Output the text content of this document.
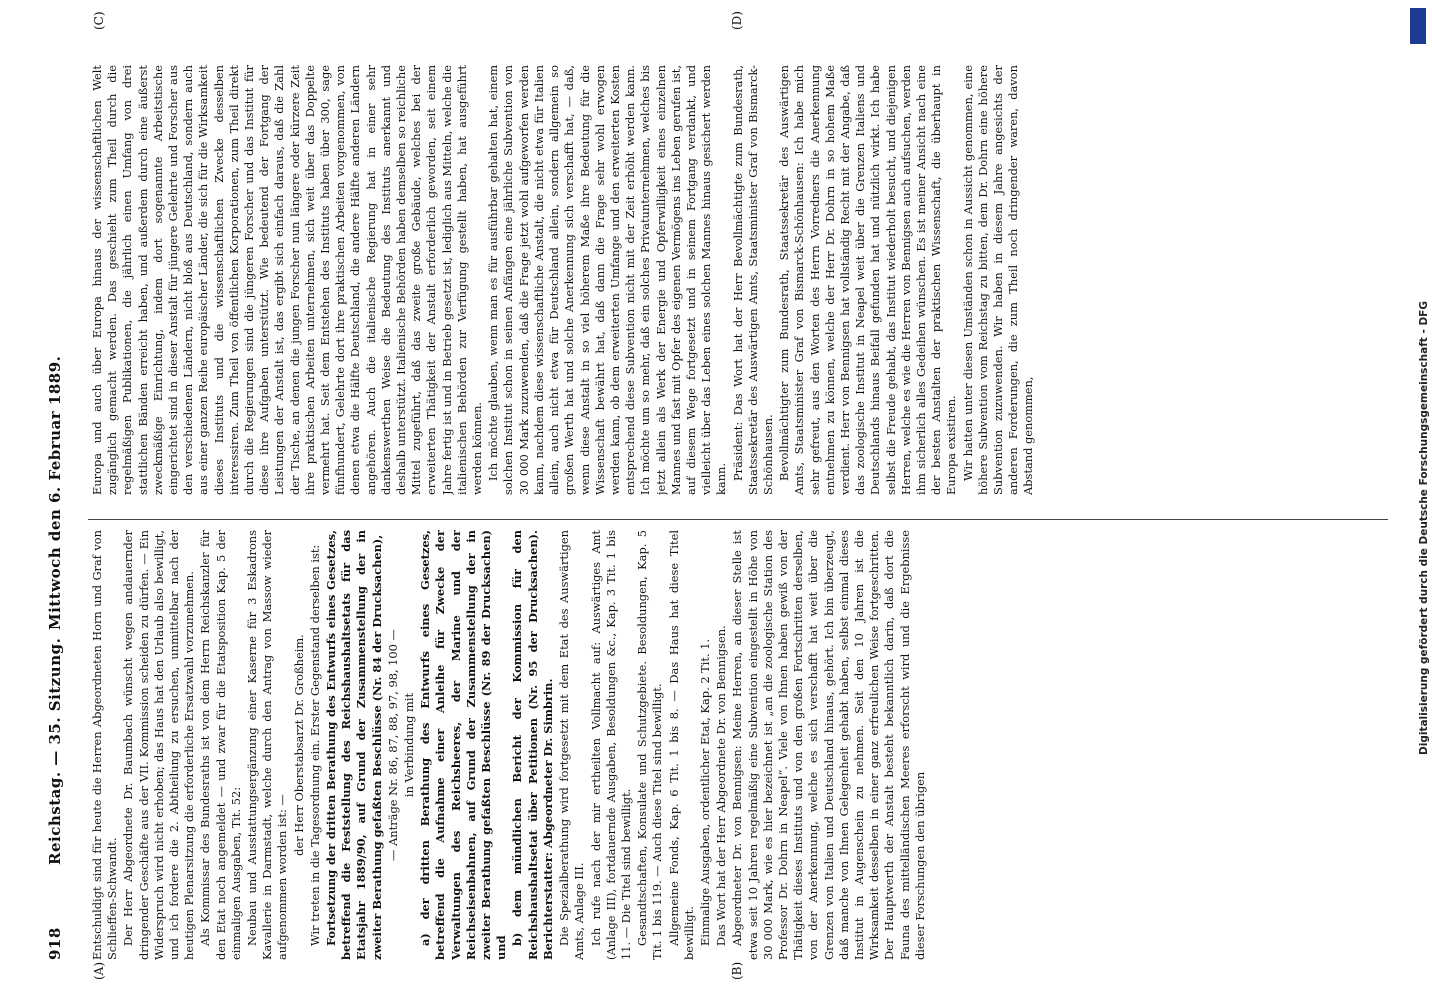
918
Reichstag. — 35. Sitzung.
Mittwoch den 6. Februar 1889.
(A)	(B)
(C)	(D)

Entschuldigt sind für heute die Herren Abgeordneten Horn und Graf von Schlieffen-Schwandt. Der Herr Abgeordnete Dr. Baumbach wünscht wegen andauernder dringender Geschäfte aus der VII. Kommission scheiden zu dürfen. — Ein Widerspruch wird nicht erhoben; das Haus hat den Urlaub also bewilligt, und ich fordere die 2. Abtheilung zu ersuchen, unmittelbar nach der heutigen Plenarsitzung die erforderliche Ersatzwahl vorzunehmen. Als Kommissar des Bundesraths ist von dem Herrn Reichskanzler für den Etat noch angemeldet — und zwar für die Etatsposition Kap. 5 der einmaligen Ausgaben, Tit. 52: Neubau und Ausstattungsergänzung einer Kaserne für 3 Eskadrons Kavallerie in Darmstadt, welche durch den Antrag von Massow wieder aufgenommen worden ist: —

der Herr Oberstabsarzt Dr. Großheim. Wir treten in die Tagesordnung ein. Erster Gegenstand derselben ist: Fortsetzung der dritten Berathung des Entwurfs eines Gesetzes, betreffend die Feststellung des Reichshaushaltsetats für das Etatsjahr 1889/90, auf Grund der Zusammenstellung der in zweiter Berathung gefaßten Beschlüsse (Nr. 84 der Drucksachen), — Anträge Nr. 86, 87, 88, 97, 98, 100 — in Verbindung mit a) der dritten Berathung des Entwurfs eines Gesetzes, betreffend die Aufnahme einer Anleihe für Zwecke der Verwaltungen des Reichsheeres, der Marine und der Reichseisenbahnen, auf Grund der Zusammenstellung der in zweiter Berathung gefaßten Beschlüsse (Nr. 89 der Drucksachen) und

b) dem mündlichen Bericht der Kommission für den Reichshaushaltsetat über Petitionen (Nr. 95 der Drucksachen). Berichterstatter: Abgeordneter Dr. Simbrin. Die Spezialberathung wird fortgesetzt mit dem Etat des Auswärtigen Amts, Anlage III. Ich rufe nach der mir ertheilten Vollmacht auf: Auswärtiges Amt (Anlage III), fortdauernde Ausgaben, Besoldungen &c., Kap. 3 Tit. 1 bis 11. — Die Titel sind bewilligt. Gesandtschaften, Konsulate und Schutzgebiete. Besoldungen, Kap. 5 Tit. 1 bis 119. — Auch diese Titel sind bewilligt. Allgemeine Fonds, Kap. 6 Tit. 1 bis 8. — Das Haus hat diese Titel bewilligt. Einmalige Ausgaben, ordentlicher Etat, Kap. 2 Tit. 1. Das Wort hat der Herr Abgeordnete Dr. von Bennigsen. Abgeordneter Dr. von Bennigsen: Meine Herren, an dieser Stelle ist etwa seit 10 Jahren regelmäßig eine Subvention eingestellt in Höhe von 30 000 Mark, wie es hier bezeichnet ist „an die zoologische Station des Professor Dr. Dohrn in Neapel“. Viele von Ihnen haben gewiß von der Thätigkeit dieses Instituts und von den großen Fortschritten derselben, von der Anerkennung, welche es sich verschafft hat weit über die Grenzen von Italien und Deutschland hinaus, gehört. Ich bin überzeugt, daß manche von Ihnen Gelegenheit gehabt haben, selbst einmal dieses Institut in Augenschein zu nehmen. Seit den 10 Jahren ist die Wirksamkeit desselben in einer ganz erfreulichen Weise fortgeschritten. Der Hauptwerth der Anstalt besteht bekanntlich darin, daß dort die Fauna des mittelländischen Meeres erforscht wird und die Ergebnisse dieser Forschungen den übrigen

Europa und auch über Europa hinaus der wissenschaftlichen Welt zugänglich gemacht werden. Das geschieht zum Theil durch die regelmäßigen Publikationen, die jährlich einen Umfang von drei stattlichen Bänden erreicht haben, und außerdem durch eine äußerst zweckmäßige Einrichtung, indem dort sogenannte Arbeitstische eingerichtet sind in dieser Anstalt für jüngere Gelehrte und Forscher aus den verschiedenen Ländern, nicht bloß aus Deutschland, sondern auch aus einer ganzen Reihe europäischer Länder, die sich für die Wirksamkeit dieses Instituts und die wissenschaftlichen Zwecke desselben interessiren. Zum Theil von öffentlichen Korporationen, zum Theil direkt durch die Regierungen sind die jüngeren Forscher und das Institut für diese ihre Aufgaben unterstützt. Wie bedeutend der Fortgang der Leistungen der Anstalt ist, das ergibt sich einfach daraus, daß die Zahl der Tische, an denen die jungen Forscher nun längere oder kürzere Zeit ihre praktischen Arbeiten unternehmen, sich weit über das Doppelte vermehrt hat. Seit dem Entstehen des Instituts haben über 300, sage fünfhundert, Gelehrte dort ihre praktischen Arbeiten vorgenommen, von denen etwa die Hälfte Deutschland, die andere Hälfte anderen Ländern angehören. Auch die italienische Regierung hat in einer sehr dankenswerthen Weise die Bedeutung des Instituts anerkannt und deshalb unterstützt. Italienische Behörden haben demselben so reichliche Mittel zugeführt, daß das zweite große Gebäude, welches bei der erweiterten Thätigkeit der Anstalt erforderlich geworden, seit einem Jahre fertig ist und in Betrieb gesetzt ist, lediglich aus Mitteln, welche die italienischen Behörden zur Verfügung gestellt haben, hat ausgeführt werden können. Ich möchte glauben, wenn man es für ausführbar gehalten hat, einem solchen Institut schon in seinen Anfängen eine jährliche Subvention von 30 000 Mark zuzuwenden, daß die Frage jetzt wohl aufgeworfen werden kann, nachdem diese wissenschaftliche Anstalt, die nicht etwa für Italien allein, auch nicht etwa für Deutschland allein, sondern allgemein so großen Werth hat und solche Anerkennung sich verschafft hat, — daß, wenn diese Anstalt in so viel höherem Maße ihre Bedeutung für die Wissenschaft bewährt hat, daß dann die Frage sehr wohl erwogen werden kann, ob dem erweiterten Umfange und den erweiterten Kosten entsprechend diese Subvention nicht mit der Zeit erhöht werden kann. Ich möchte um so mehr, daß ein solches Privatunternehmen, welches bis jetzt allein als Werk der Energie und Opferwilligkeit eines einzelnen Mannes und fast mit Opfer des eigenen Vermögens ins Leben gerufen ist, auf diesem Wege fortgesetzt und in seinem Fortgang verdankt, und vielleicht über das Leben eines solchen Mannes hinaus gesichert werden kann. Präsident: Das Wort hat der Herr Bevollmächtigte zum Bundesrath, Staatssekretär des Auswärtigen Amts, Staatsminister Graf von Bismarck-Schönhausen. Bevollmächtigter zum Bundesrath, Staatssekretär des Auswärtigen Amts, Staatsminister Graf von Bismarck-Schönhausen: Ich habe mich sehr gefreut, aus den Worten des Herrn Vorredners die Anerkennung entnehmen zu können, welche der Herr Dr. Dohrn in so hohem Maße verdient. Herr von Bennigsen hat vollständig Recht mit der Angabe, daß das zoologische Institut in Neapel weit über die Grenzen Italiens und Deutschlands hinaus Beifall gefunden hat und nützlich wirkt. Ich habe selbst die Freude gehabt, das Institut wiederholt besucht, und diejenigen Herren, welche es wie die Herren von Bennigsen auch aufsuchen, werden ihm sicherlich alles Gedeihen wünschen. Es ist meiner Ansicht nach eine der besten Anstalten der praktischen Wissenschaft, die überhaupt in Europa existiren. Wir hatten unter diesen Umständen schon in Aussicht genommen, eine höhere Subvention vom Reichstag zu bitten, dem Dr. Dohrn eine höhere Subvention zuzuwenden. Wir haben in diesem Jahre angesichts der anderen Forderungen, die zum Theil noch dringender waren, davon Abstand genommen,	Digitalisierung gefördert durch die Deutsche Forschungsgemeinschaft - DFG
